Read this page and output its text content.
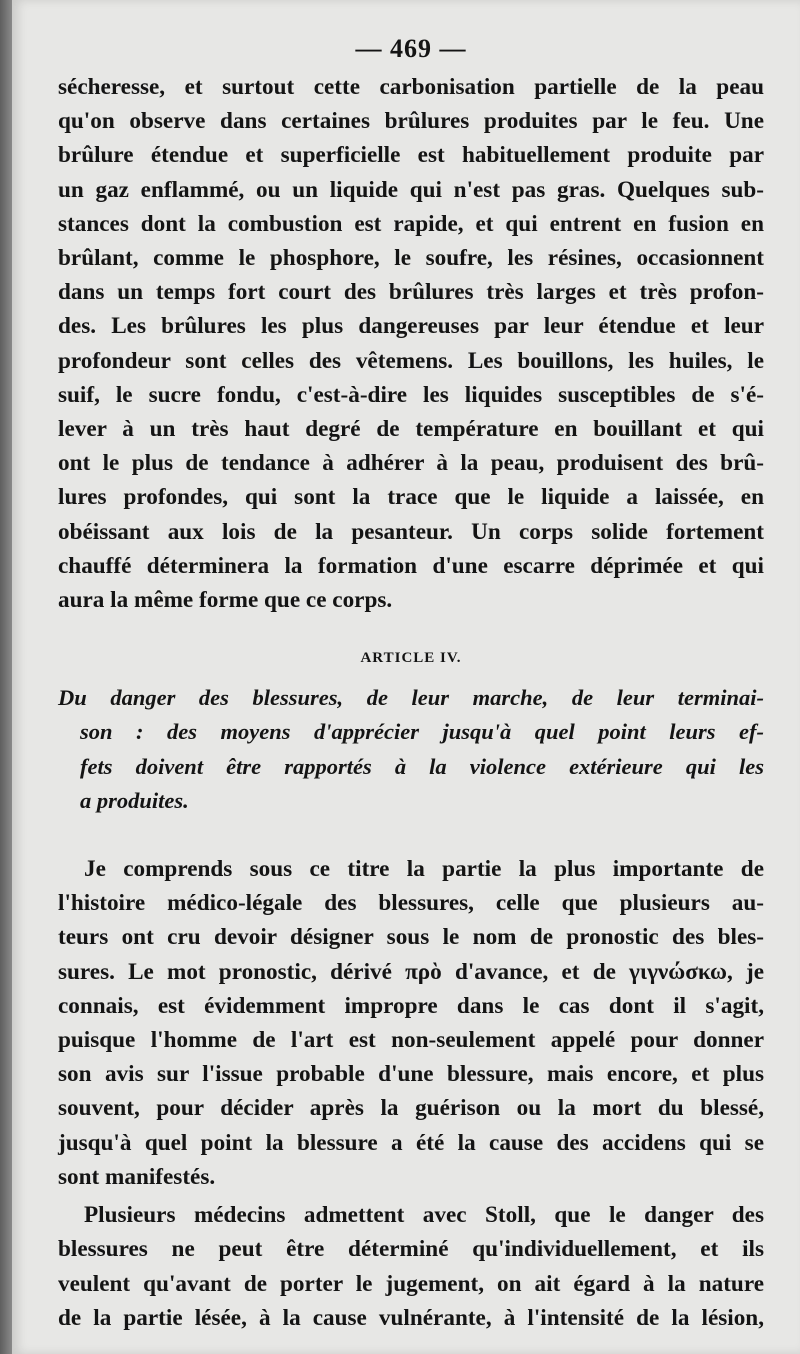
— 469 —

sécheresse, et surtout cette carbonisation partielle de la peau
qu'on observe dans certaines brûlures produites par le feu. Une
brûlure étendue et superficielle est habituellement produite par
un gaz enflammé, ou un liquide qui n'est pas gras. Quelques sub-
stances dont la combustion est rapide, et qui entrent en fusion en
brûlant, comme le phosphore, le soufre, les résines, occasionnent
dans un temps fort court des brûlures très larges et très profon-
des. Les brûlures les plus dangereuses par leur étendue et leur
profondeur sont celles des vêtemens. Les bouillons, les huiles, le
suif, le sucre fondu, c'est-à-dire les liquides susceptibles de s'é-
lever à un très haut degré de température en bouillant et qui
ont le plus de tendance à adhérer à la peau, produisent des brû-
lures profondes, qui sont la trace que le liquide a laissée, en
obéissant aux lois de la pesanteur. Un corps solide fortement
chauffé déterminera la formation d'une escarre déprimée et qui
aura la même forme que ce corps.

ARTICLE IV.
Du danger des blessures, de leur marche, de leur terminai-
son : des moyens d'apprécier jusqu'à quel point leurs ef-
fets doivent être rapportés à la violence extérieure qui les
a produites.

Je comprends sous ce titre la partie la plus importante de
l'histoire médico-légale des blessures, celle que plusieurs au-
teurs ont cru devoir désigner sous le nom de pronostic des bles-
sures. Le mot pronostic, dérivé πρὸ d'avance, et de γιγνώσκω, je
connais, est évidemment impropre dans le cas dont il s'agit,
puisque l'homme de l'art est non-seulement appelé pour donner
son avis sur l'issue probable d'une blessure, mais encore, et plus
souvent, pour décider après la guérison ou la mort du blessé,
jusqu'à quel point la blessure a été la cause des accidens qui se
sont manifestés.

Plusieurs médecins admettent avec Stoll, que le danger des
blessures ne peut être déterminé qu'individuellement, et ils
veulent qu'avant de porter le jugement, on ait égard à la nature
de la partie lésée, à la cause vulnérante, à l'intensité de la lésion,
